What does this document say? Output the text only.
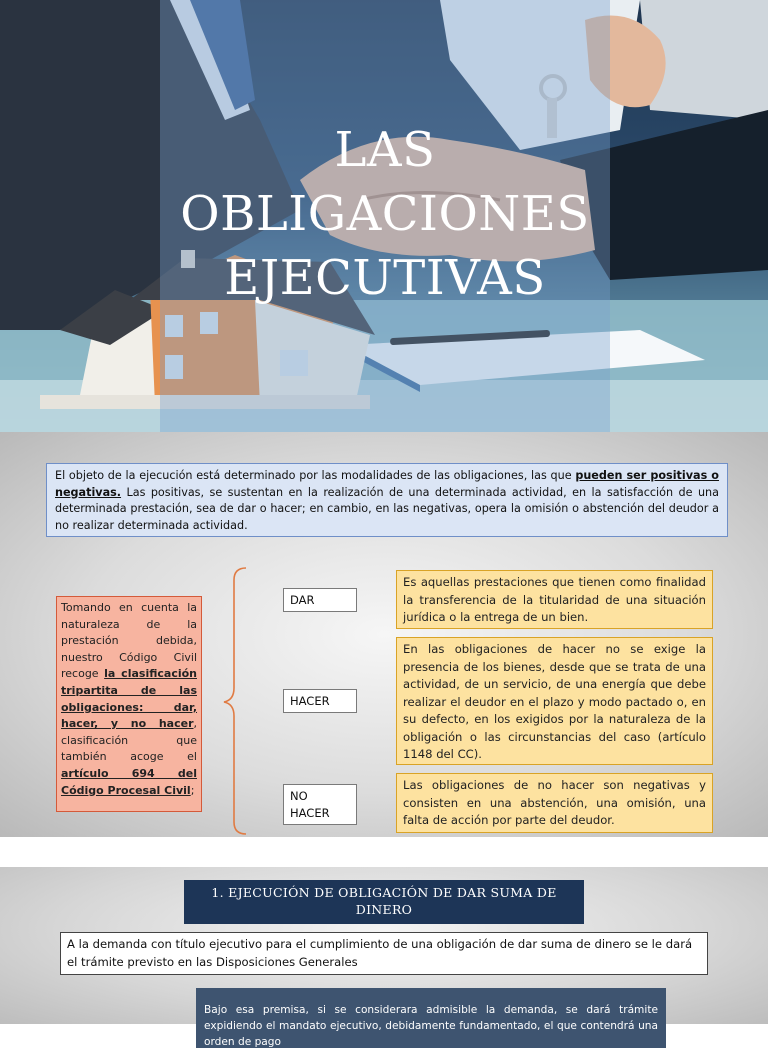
LAS
OBLIGACIONES
EJECUTIVAS
El objeto de la ejecución está determinado por las modalidades de las obligaciones, las que pueden ser positivas o negativas. Las positivas, se sustentan en la realización de una determinada actividad, en la satisfacción de una determinada prestación, sea de dar o hacer; en cambio, en las negativas, opera la omisión o abstención del deudor a no realizar determinada actividad.
Tomando en cuenta la naturaleza de la prestación debida, nuestro Código Civil recoge la clasificación tripartita de las obligaciones: dar, hacer, y no hacer, clasificación que también acoge el artículo 694 del Código Procesal Civil;
DAR
HACER
NO HACER
Es aquellas prestaciones que tienen como finalidad la transferencia de la titularidad de una situación jurídica o la entrega de un bien.
En las obligaciones de hacer no se exige la presencia de los bienes, desde que se trata de una actividad, de un servicio, de una energía que debe realizar el deudor en el plazo y modo pactado o, en su defecto, en los exigidos por la naturaleza de la obligación o las circunstancias del caso (artículo 1148 del CC).
Las obligaciones de no hacer son negativas y consisten en una abstención, una omisión, una falta de acción por parte del deudor.
1. EJECUCIÓN DE OBLIGACIÓN DE DAR SUMA DE DINERO
A la demanda con título ejecutivo para el cumplimiento de una obligación de dar suma de dinero se le dará el trámite previsto en las Disposiciones Generales
Bajo esa premisa, si se considerara admisible la demanda, se dará trámite expidiendo el mandato ejecutivo, debidamente fundamentado, el que contendrá una orden de pago
